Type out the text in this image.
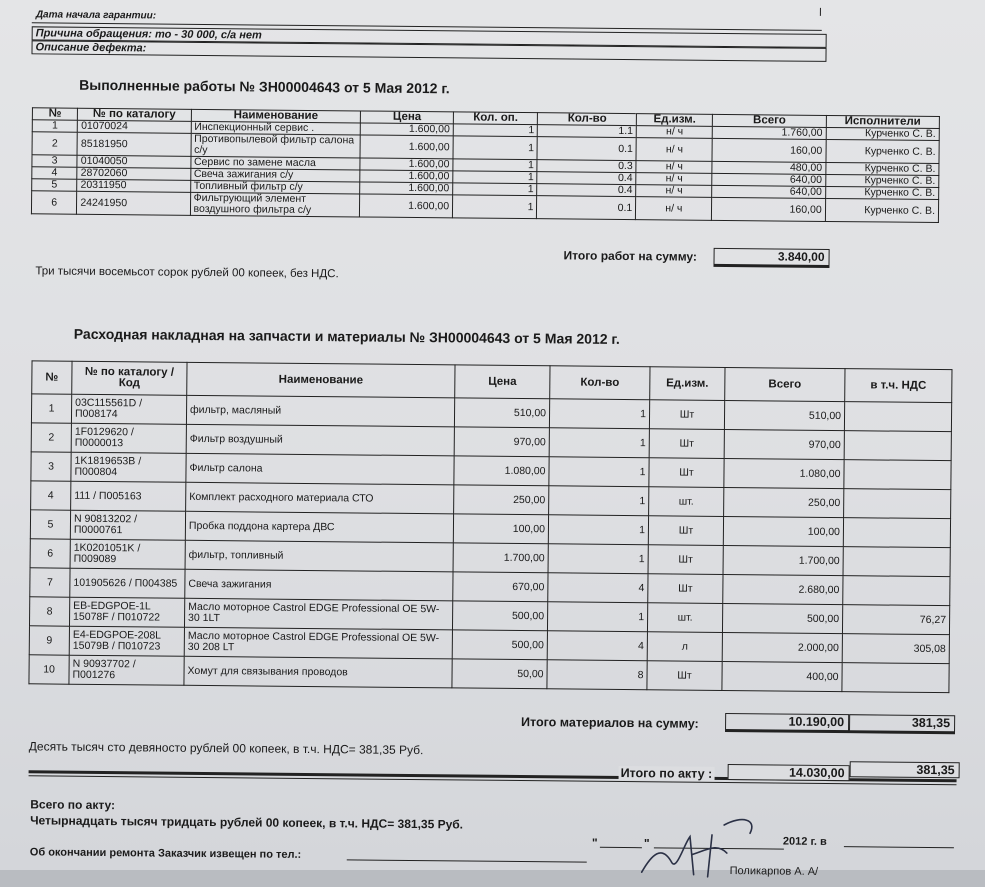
Дата начала гарантии:
Причина обращения: то - 30 000, с/а нет
Описание дефекта:
Выполненные работы № ЗН00004643 от 5 Мая 2012 г.
№	№ по каталогу	Наименование	Цена	Кол. оп.	Кол-во	Ед.изм.	Всего	Исполнители
1	01070024	Инспекционный сервис .	1.600,00	1	1.1	н/ ч	1.760,00	Курченко С. В.
2	85181950	Противопылевой фильтр салона с/у	1.600,00	1	0.1	н/ ч	160,00	Курченко С. В.
3	01040050	Сервис по замене масла	1.600,00	1	0.3	н/ ч	480,00	Курченко С. В.
4	28702060	Свеча зажигания с/у	1.600,00	1	0.4	н/ ч	640,00	Курченко С. В.
5	20311950	Топливный фильтр с/у	1.600,00	1	0.4	н/ ч	640,00	Курченко С. В.
6	24241950	Фильтрующий элемент воздушного фильтра с/у	1.600,00	1	0.1	н/ ч	160,00	Курченко С. В.
Итого работ на сумму:	3.840,00
Три тысячи восемьсот сорок рублей 00 копеек, без НДС.
Расходная накладная на запчасти и материалы № ЗН00004643 от 5 Мая 2012 г.
№	№ по каталогу / Код	Наименование	Цена	Кол-во	Ед.изм.	Всего	в т.ч. НДС
1	03C115561D / П008174	фильтр, масляный	510,00	1	Шт	510,00	
2	1F0129620 / П0000013	Фильтр воздушный	970,00	1	Шт	970,00	
3	1K1819653B / П000804	Фильтр салона	1.080,00	1	Шт	1.080,00	
4	111 / П005163	Комплект расходного материала СТО	250,00	1	шт.	250,00	
5	N 90813202 / П0000761	Пробка поддона картера ДВС	100,00	1	Шт	100,00	
6	1K0201051K / П009089	фильтр, топливный	1.700,00	1	Шт	1.700,00	
7	101905626 / П004385	Свеча зажигания	670,00	4	Шт	2.680,00	
8	EB-EDGPOE-1L 15078F / П010722	Масло моторное Castrol EDGE Professional OE 5W-30 1LT	500,00	1	шт.	500,00	76,27
9	E4-EDGPOE-208L 15079B / П010723	Масло моторное Castrol EDGE Professional OE 5W-30 208 LT	500,00	4	л	2.000,00	305,08
10	N 90937702 / П001276	Хомут для связывания проводов	50,00	8	Шт	400,00	
Итого материалов на сумму:	10.190,00	381,35
Десять тысяч сто девяносто рублей 00 копеек, в т.ч. НДС= 381,35 Руб.
Итого по акту :	14.030,00	381,35
Всего по акту:
Четырнадцать тысяч тридцать рублей 00 копеек, в т.ч. НДС= 381,35 Руб.
Об окончании ремонта Заказчик извещен по тел.:
"	"	2012 г. в
Поликарпов А. А/
